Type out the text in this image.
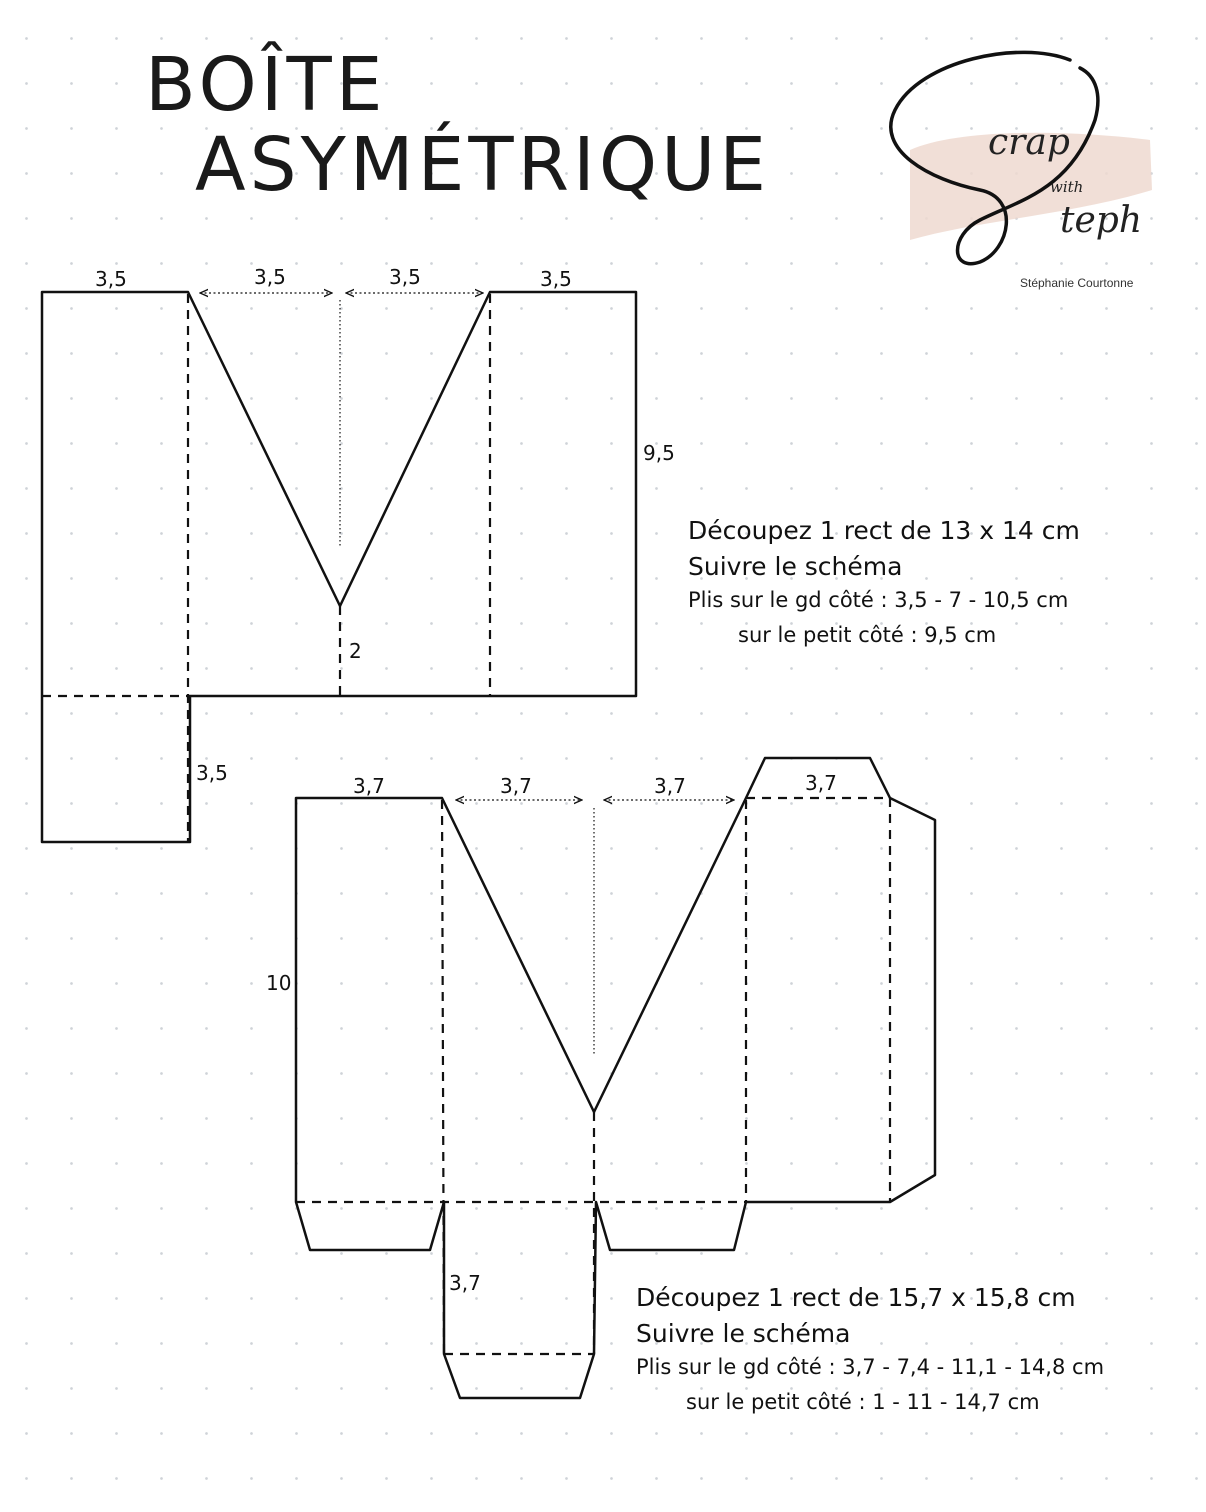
BOÎTE
ASYMÉTRIQUE	crap
with
teph
Stéphanie Courtonne
3,5	3,5	3,5	3,5
9,5
2
3,5
3,7	3,7	3,7	3,7
10
3,7
Découpez 1 rect de 13 x 14 cm
Suivre le schéma
Plis sur le gd côté : 3,5 - 7 - 10,5 cm
sur le petit côté : 9,5 cm
Découpez 1 rect de 15,7 x 15,8 cm
Suivre le schéma
Plis sur le gd côté : 3,7 - 7,4 - 11,1 - 14,8 cm
sur le petit côté : 1 - 11 - 14,7 cm
